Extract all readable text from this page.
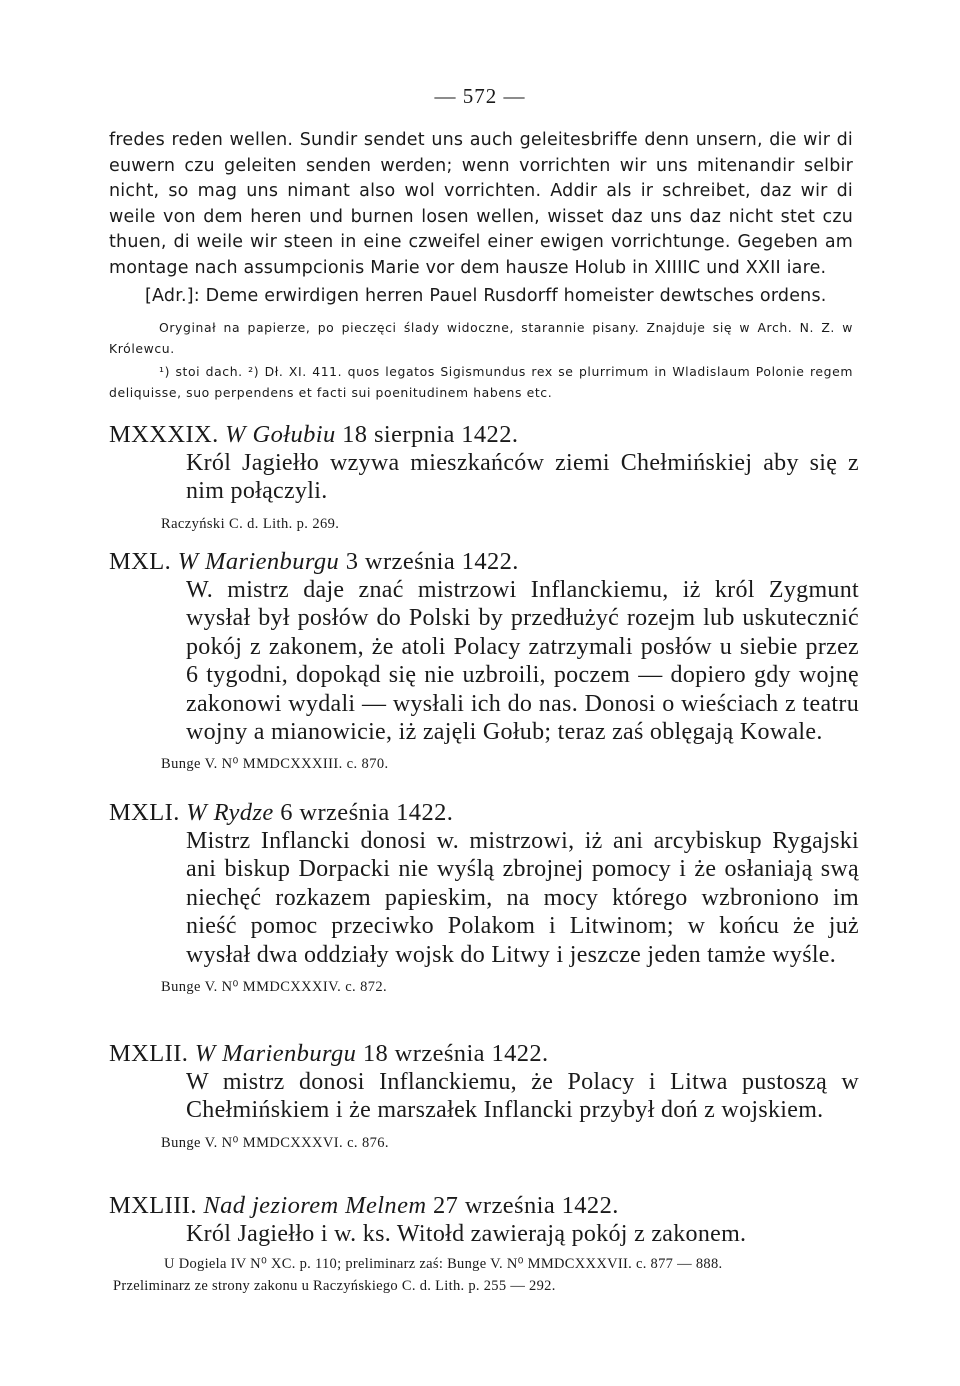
— 572 —
fredes reden wellen. Sundir sendet uns auch geleitesbriffe denn unsern, die wir di euwern czu geleiten senden werden; wenn vorrichten wir uns mitenandir selbir nicht, so mag uns nimant also wol vorrichten. Addir als ir schreibet, daz wir di weile von dem heren und burnen losen wellen, wisset daz uns daz nicht stet czu thuen, di weile wir steen in eine czweifel einer ewigen vorrichtunge. Gegeben am montage nach assumpcionis Marie vor dem hausze Holub in XIIIIC und XXII iare.
[Adr.]: Deme erwirdigen herren Pauel Rusdorff homeister dewtsches ordens.
Oryginał na papierze, po pieczęci ślady widoczne, starannie pisany. Znajduje się w Arch. N. Z. w Królewcu.
¹) stoi dach. ²) Dł. XI. 411. quos legatos Sigismundus rex se plurrimum in Wladislaum Polonie regem deliquisse, suo perpendens et facti sui poenitudinem habens etc.
MXXXIX. W Gołubiu 18 sierpnia 1422.
Król Jagiełło wzywa mieszkańców ziemi Chełmińskiej aby się z nim połączyli.
Raczyński C. d. Lith. p. 269.
MXL. W Marienburgu 3 września 1422.
W. mistrz daje znać mistrzowi Inflanckiemu, iż król Zygmunt wysłał był posłów do Polski by przedłużyć rozejm lub uskutecznić pokój z zakonem, że atoli Polacy zatrzymali posłów u siebie przez 6 tygodni, dopokąd się nie uzbroili, poczem — dopiero gdy wojnę zakonowi wydali — wysłali ich do nas. Donosi o wieściach z teatru wojny a mianowicie, iż zajęli Gołub; teraz zaś oblęgają Kowale.
Bunge V. N⁰ MMDCXXXIII. c. 870.
MXLI. W Rydze 6 września 1422.
Mistrz Inflancki donosi w. mistrzowi, iż ani arcybiskup Rygajski ani biskup Dorpacki nie wyślą zbrojnej pomocy i że osłaniają swą niechęć rozkazem papieskim, na mocy którego wzbroniono im nieść pomoc przeciwko Polakom i Litwinom; w końcu że już wysłał dwa oddziały wojsk do Litwy i jeszcze jeden tamże wyśle.
Bunge V. N⁰ MMDCXXXIV. c. 872.
MXLII. W Marienburgu 18 września 1422.
W mistrz donosi Inflanckiemu, że Polacy i Litwa pustoszą w Chełmińskiem i że marszałek Inflancki przybył doń z wojskiem.
Bunge V. N⁰ MMDCXXXVI. c. 876.
MXLIII. Nad jeziorem Melnem 27 września 1422.
Król Jagiełło i w. ks. Witołd zawierają pokój z zakonem.
U Dogiela IV N⁰ XC. p. 110; preliminarz zaś: Bunge V. N⁰ MMDCXXXVII. c. 877 — 888.
Przeliminarz ze strony zakonu u Raczyńskiego C. d. Lith. p. 255 — 292.
